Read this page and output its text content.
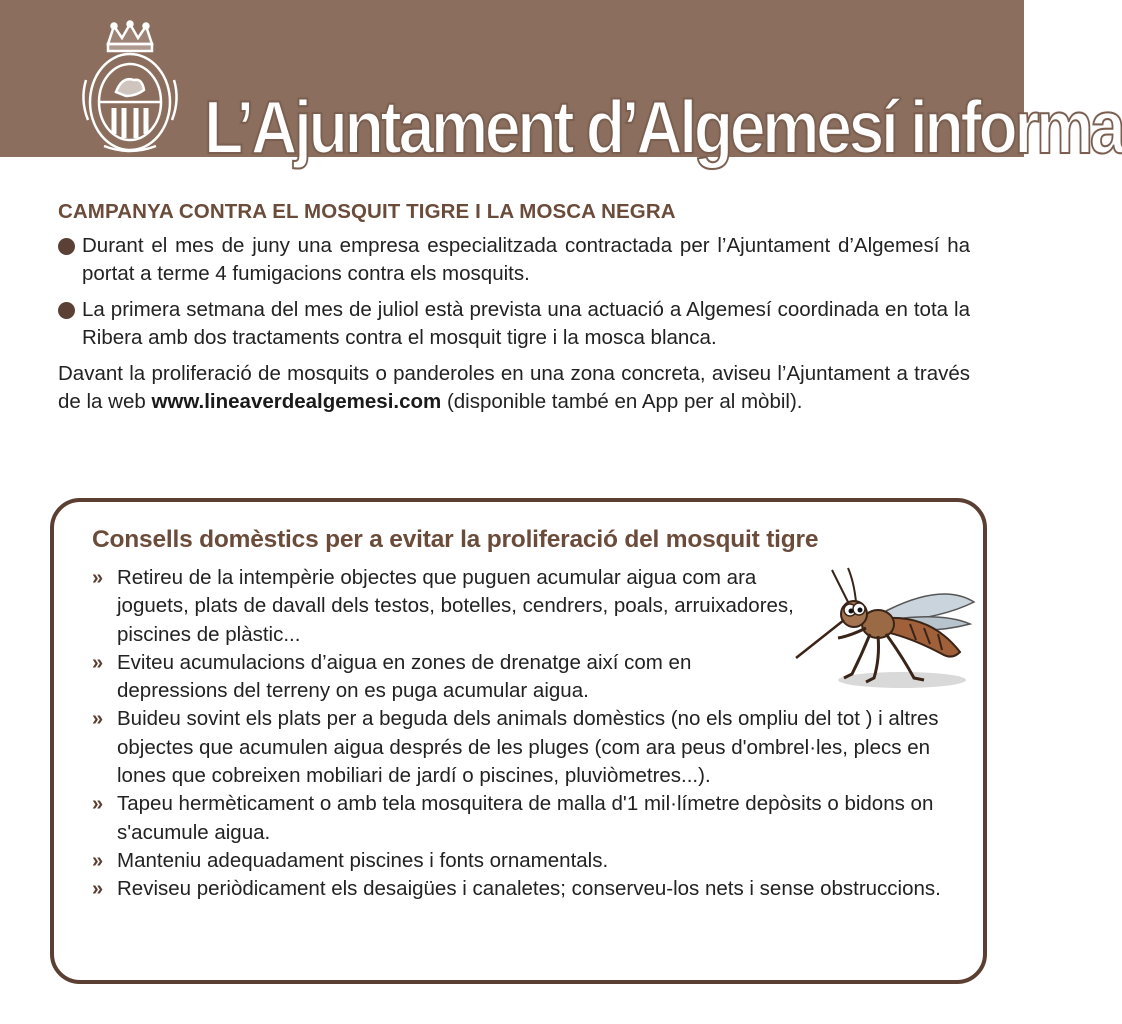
L’Ajuntament d’Algemesí informa
CAMPANYA CONTRA EL MOSQUIT TIGRE I LA MOSCA NEGRA
Durant el mes de juny una empresa especialitzada contractada per l’Ajuntament d’Algemesí ha portat a terme 4 fumigacions contra els mosquits.
La primera setmana del mes de juliol està prevista una actuació a Algemesí coordinada en tota la Ribera amb dos tractaments contra el mosquit tigre i la mosca blanca.

Davant la proliferació de mosquits o panderoles en una zona concreta, aviseu l’Ajuntament a través de la web www.lineaverdealgemesi.com (disponible també en App per al mòbil).

Consells domèstics per a evitar la proliferació del mosquit tigre
» Retireu de la intempèrie objectes que puguen acumular aigua com ara joguets, plats de davall dels testos, botelles, cendrers, poals, arruixadores, piscines de plàstic...
» Eviteu acumulacions d’aigua en zones de drenatge així com en depressions del terreny on es puga acumular aigua.
» Buideu sovint els plats per a beguda dels animals domèstics (no els ompliu del tot ) i altres objectes que acumulen aigua després de les pluges (com ara peus d'ombrel·les, plecs en lones que cobreixen mobiliari de jardí o piscines, pluviòmetres...).
» Tapeu hermèticament o amb tela mosquitera de malla d'1 mil·límetre depòsits o bidons on s'acumule aigua.
» Manteniu adequadament piscines i fonts ornamentals.
» Reviseu periòdicament els desaigües i canaletes; conserveu-los nets i sense obstruccions.
